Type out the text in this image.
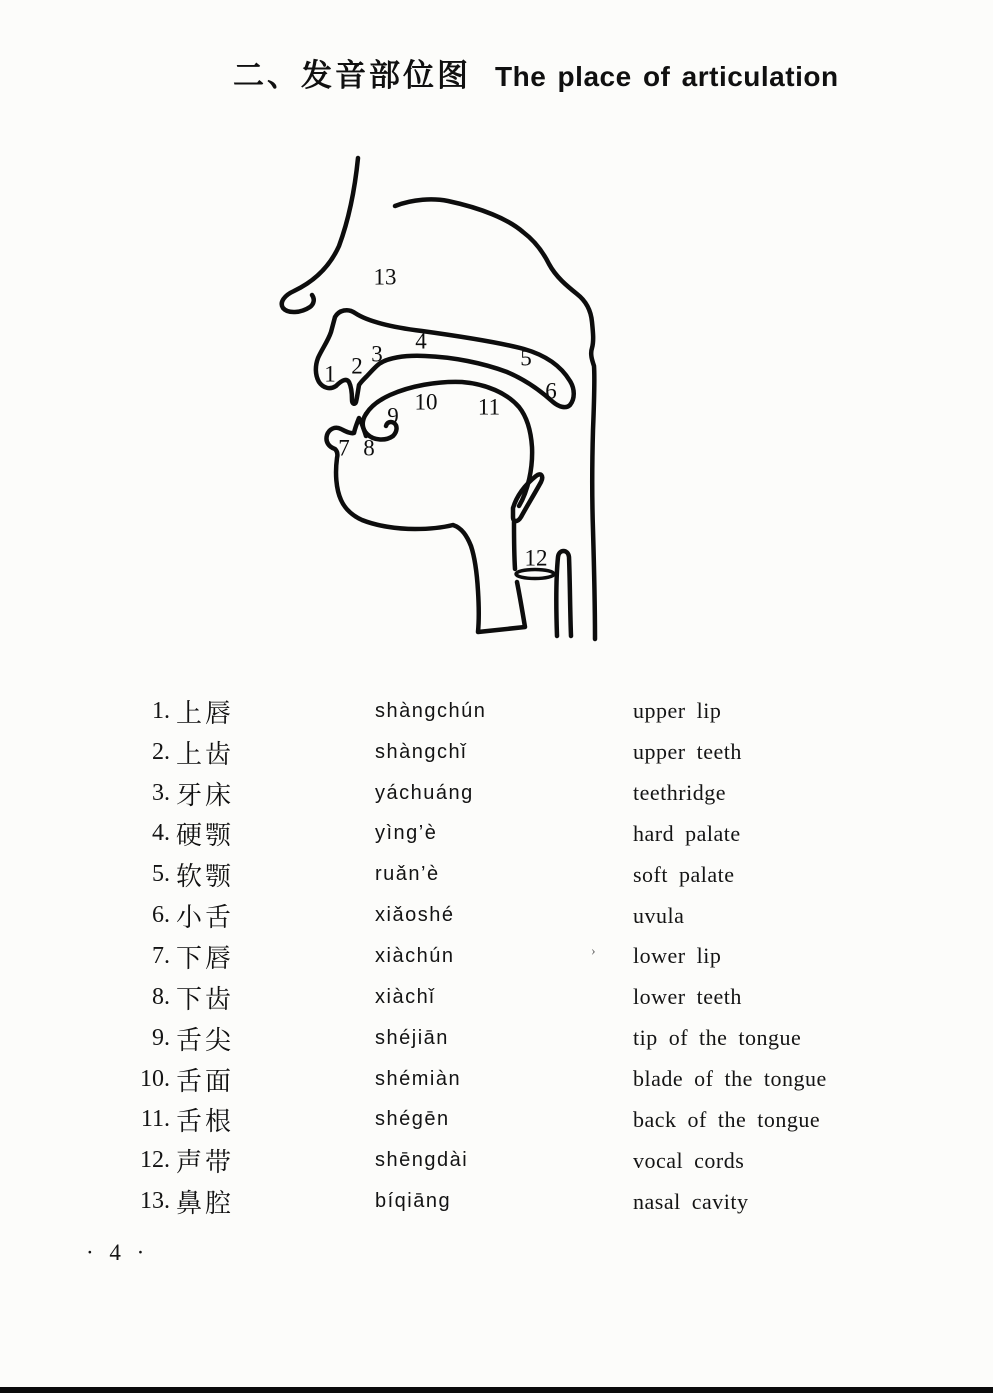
二、发音部位图 The place of articulation
1 2 3
4
5
6
7 8
9
10 11
12
13
1. 上唇	shàngchún	upper lip
2. 上齿	shàngchǐ	upper teeth
3. 牙床	yáchuáng	teethridge
4. 硬颚	yìng’è	hard palate
5. 软颚	ruǎn’è	soft palate
6. 小舌	xiǎoshé	uvula
7. 下唇	xiàchún	lower lip
8. 下齿	xiàchǐ	lower teeth
9. 舌尖	shéjiān	tip of the tongue
10. 舌面	shémiàn	blade of the tongue
11. 舌根	shégēn	back of the tongue
12. 声带	shēngdài	vocal cords
13. 鼻腔	bíqiāng	nasal cavity
›
· 4 ·
